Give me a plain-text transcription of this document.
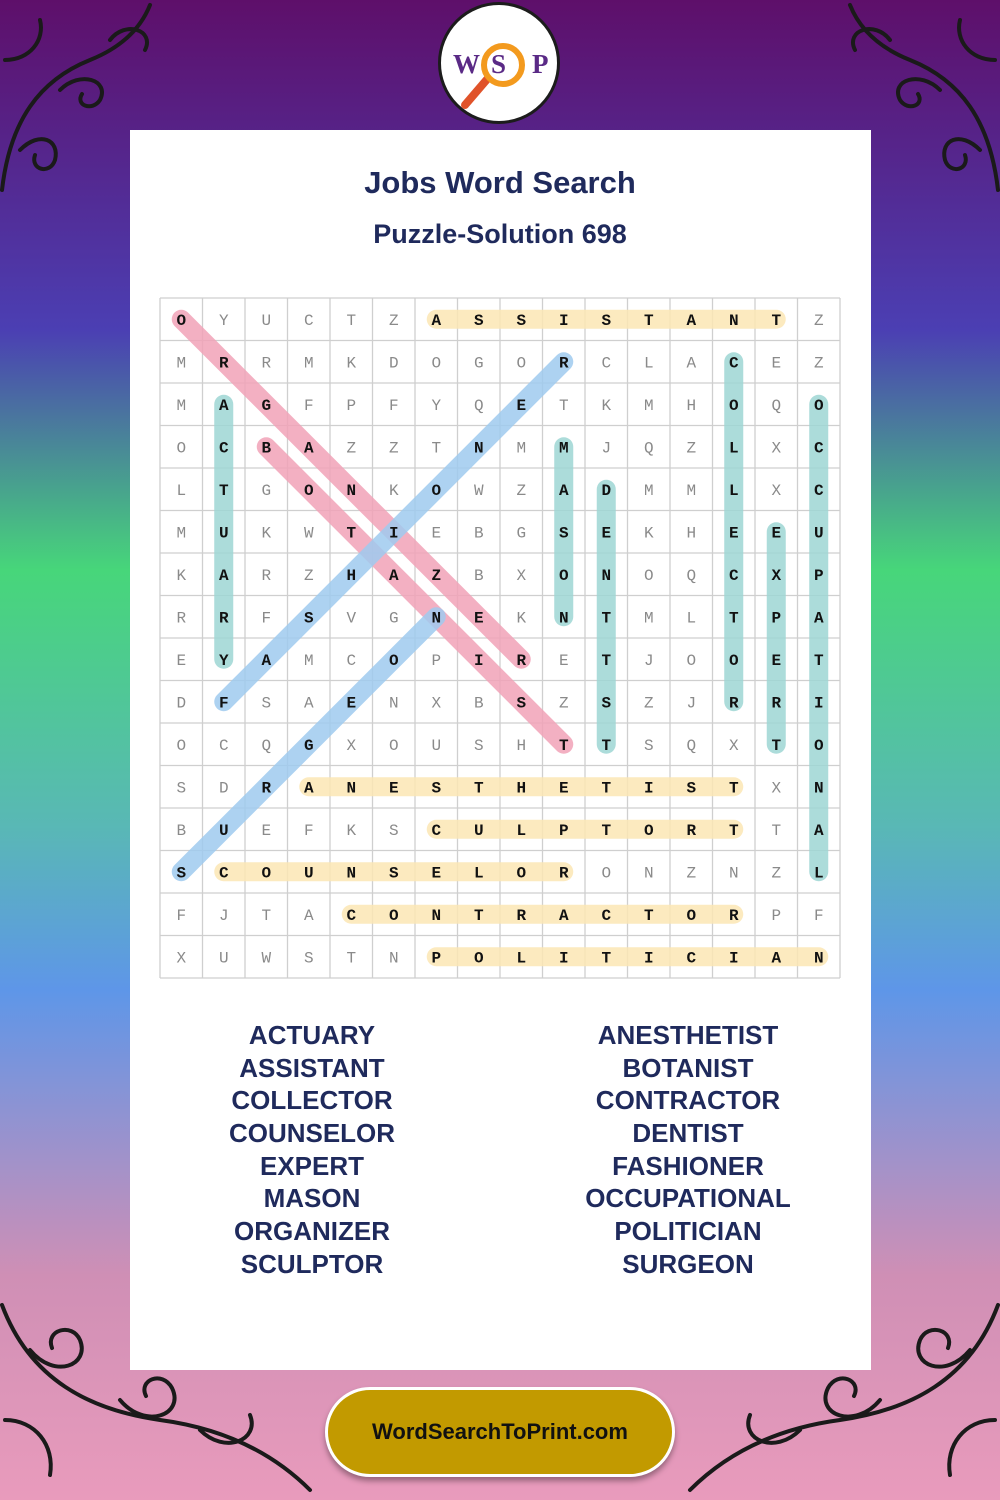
W P
S
Jobs Word Search
Puzzle-Solution 698
O Y U C T Z A S S I S T A N T Z
M R R M K D O G O R C L A C E Z
M A G F P F Y Q E T K M H O Q O
O C B A Z Z T N M M J Q Z L X C
L T G O N K O W Z A D M M L X C
M U K W T I E B G S E K H E E U
K A R Z H A Z B X O N O Q C X P
R R F S V G N E K N T M L T P A
E Y A M C O P I R E T J O O E T
D F S A E N X B S Z S Z J R R I
O C Q G X O U S H T T S Q X T O
S D R A N E S T H E T I S T X N
B U E F K S C U L P T O R T T A
S C O U N S E L O R O N Z N Z L
F J T A C O N T R A C T O R P F
X U W S T N P O L I T I C I A N
ACTUARY
ASSISTANT
COLLECTOR
COUNSELOR
EXPERT
MASON
ORGANIZER
SCULPTOR
ANESTHETIST
BOTANIST
CONTRACTOR
DENTIST
FASHIONER
OCCUPATIONAL
POLITICIAN
SURGEON
WordSearchToPrint.com
